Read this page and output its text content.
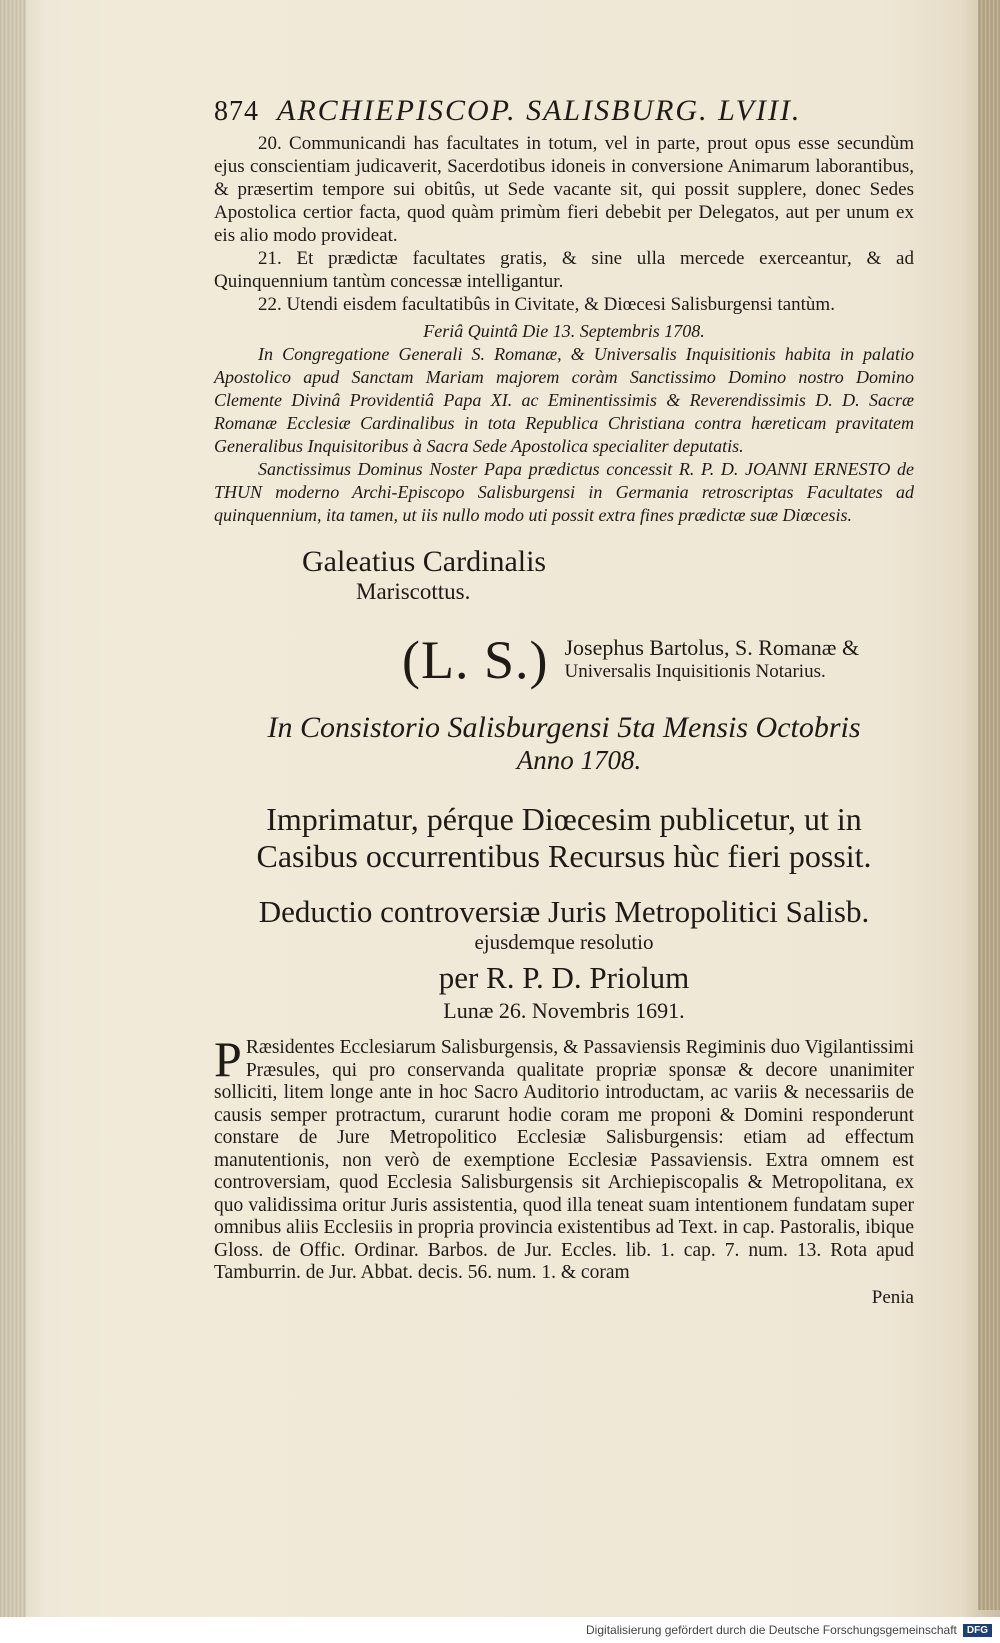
874 ARCHIEPISCOP. SALISBURG. LVIII.

20. Communicandi has facultates in totum, vel in parte, prout opus esse secundùm ejus conscientiam judicaverit, Sacerdotibus idoneis in conversione Animarum laborantibus, & præsertim tempore sui obitûs, ut Sede vacante sit, qui possit supplere, donec Sedes Apostolica certior facta, quod quàm primùm fieri debebit per Delegatos, aut per unum ex eis alio modo provideat.

21. Et prædictæ facultates gratis, & sine ulla mercede exerceantur, & ad Quinquennium tantùm concessæ intelligantur.

22. Utendi eisdem facultatibûs in Civitate, & Diœcesi Salisburgensi tantùm.

Feriâ Quintâ Die 13. Septembris 1708.

In Congregatione Generali S. Romanæ, & Universalis Inquisitionis habita in palatio Apostolico apud Sanctam Mariam majorem coràm Sanctissimo Domino nostro Domino Clemente Divinâ Providentiâ Papa XI. ac Eminentissimis & Reverendissimis D. D. Sacræ Romanæ Ecclesiæ Cardinalibus in tota Republica Christiana contra hæreticam pravitatem Generalibus Inquisitoribus à Sacra Sede Apostolica specialiter deputatis.

Sanctissimus Dominus Noster Papa prædictus concessit R. P. D. JOANNI ERNESTO de THUN moderno Archi-Episcopo Salisburgensi in Germania retroscriptas Facultates ad quinquennium, ita tamen, ut iis nullo modo uti possit extra fines prædictæ suæ Diœcesis.

Galeatius Cardinalis
Mariscottus.
(L. S.) Josephus Bartolus, S. Romanæ &
Universalis Inquisitionis Notarius.
In Consistorio Salisburgensi 5ta Mensis Octobris
Anno 1708.
Imprimatur, pérque Diœcesim publicetur, ut in
Casibus occurrentibus Recursus hùc fieri possit.
Deductio controversiæ Juris Metropolitici Salisb.
ejusdemque resolutio
per R. P. D. Priolum
Lunæ 26. Novembris 1691.
P Ræsidentes Ecclesiarum Salisburgensis, & Passaviensis Regiminis duo Vigilantissimi Præsules, qui pro conservanda qualitate propriæ sponsæ & decore unanimiter solliciti, litem longe ante in hoc Sacro Auditorio introductam, ac variis & necessariis de causis semper protractum, curarunt hodie coram me proponi & Domini responderunt constare de Jure Metropolitico Ecclesiæ Salisburgensis: etiam ad effectum manutentionis, non verò de exemptione Ecclesiæ Passaviensis. Extra omnem est controversiam, quod Ecclesia Salisburgensis sit Archiepiscopalis & Metropolitana, ex quo validissima oritur Juris assistentia, quod illa teneat suam intentionem fundatam super omnibus aliis Ecclesiis in propria provincia existentibus ad Text. in cap. Pastoralis, ibique Gloss. de Offic. Ordinar. Barbos. de Jur. Eccles. lib. 1. cap. 7. num. 13. Rota apud Tamburrin. de Jur. Abbat. decis. 56. num. 1. & coram
Penia
Digitalisierung gefördert durch die Deutsche Forschungsgemeinschaft	DFG
